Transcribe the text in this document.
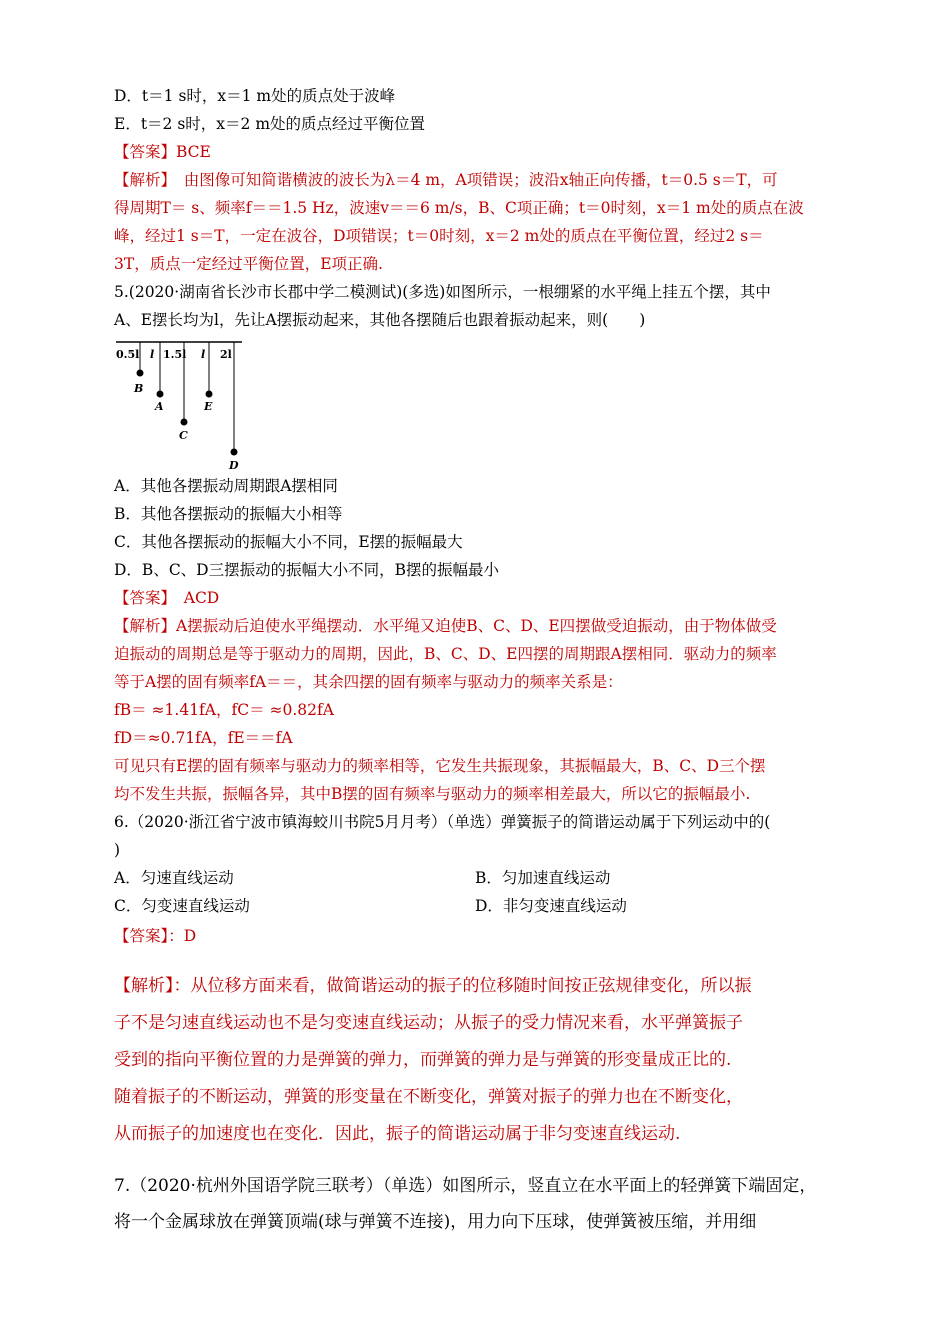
D．t＝1 s时，x＝1 m处的质点处于波峰
E．t＝2 s时，x＝2 m处的质点经过平衡位置
【答案】BCE
【解析】　由图像可知简谐横波的波长为λ＝4 m，A项错误；波沿x轴正向传播，t＝0.5 s＝T，可
得周期T＝ s、频率f＝＝1.5 Hz，波速v＝＝6 m/s，B、C项正确；t＝0时刻，x＝1 m处的质点在波
峰，经过1 s＝T，一定在波谷，D项错误；t＝0时刻，x＝2 m处的质点在平衡位置，经过2 s＝
3T，质点一定经过平衡位置，E项正确.
5.(2020·湖南省长沙市长郡中学二模测试)(多选)如图所示，一根绷紧的水平绳上挂五个摆，其中
A、E摆长均为l，先让A摆振动起来，其他各摆随后也跟着振动起来，则(　　)
0.5l l 1.5l l 2l
B
A
C
E
D
A．其他各摆振动周期跟A摆相同
B．其他各摆振动的振幅大小相等
C．其他各摆振动的振幅大小不同，E摆的振幅最大
D．B、C、D三摆振动的振幅大小不同，B摆的振幅最小
【答案】　ACD
【解析】A摆振动后迫使水平绳摆动．水平绳又迫使B、C、D、E四摆做受迫振动，由于物体做受
迫振动的周期总是等于驱动力的周期，因此，B、C、D、E四摆的周期跟A摆相同．驱动力的频率
等于A摆的固有频率fA＝＝，其余四摆的固有频率与驱动力的频率关系是：
fB＝ ≈1.41fA，fC＝ ≈0.82fA
fD＝≈0.71fA，fE＝＝fA
可见只有E摆的固有频率与驱动力的频率相等，它发生共振现象，其振幅最大，B、C、D三个摆
均不发生共振，振幅各异，其中B摆的固有频率与驱动力的频率相差最大，所以它的振幅最小.
6.（2020·浙江省宁波市镇海蛟川书院5月月考）（单选）弹簧振子的简谐运动属于下列运动中的(
)
A．匀速直线运动	B．匀加速直线运动
C．匀变速直线运动	D．非匀变速直线运动
【答案】：D
【解析】：从位移方面来看，做简谐运动的振子的位移随时间按正弦规律变化，所以振
子不是匀速直线运动也不是匀变速直线运动；从振子的受力情况来看，水平弹簧振子
受到的指向平衡位置的力是弹簧的弹力，而弹簧的弹力是与弹簧的形变量成正比的.
随着振子的不断运动，弹簧的形变量在不断变化，弹簧对振子的弹力也在不断变化，
从而振子的加速度也在变化．因此，振子的简谐运动属于非匀变速直线运动.
7.（2020·杭州外国语学院三联考）（单选）如图所示，竖直立在水平面上的轻弹簧下端固定，
将一个金属球放在弹簧顶端(球与弹簧不连接)，用力向下压球，使弹簧被压缩，并用细
